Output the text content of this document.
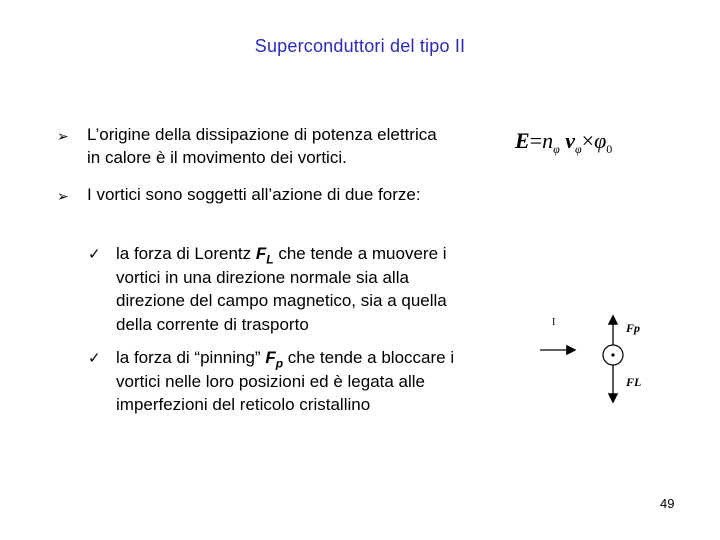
Superconduttori del tipo II
➢ L’origine della dissipazione di potenza elettrica
in calore è il movimento dei vortici.
➢ I vortici sono soggetti all’azione di due forze:
✓ la forza di Lorentz $F_L$ che tende a muovere i
vortici in una direzione normale sia alla
direzione del campo magnetico, sia a quella
della corrente di trasporto
✓ la forza di “pinning” $F_p$ che tende a bloccare i
vortici nelle loro posizioni ed è legata alle
imperfezioni del reticolo cristallino
$E=n_\varphi$ $v_\varphi\times\varphi_0$
I	Fp
FL
49
